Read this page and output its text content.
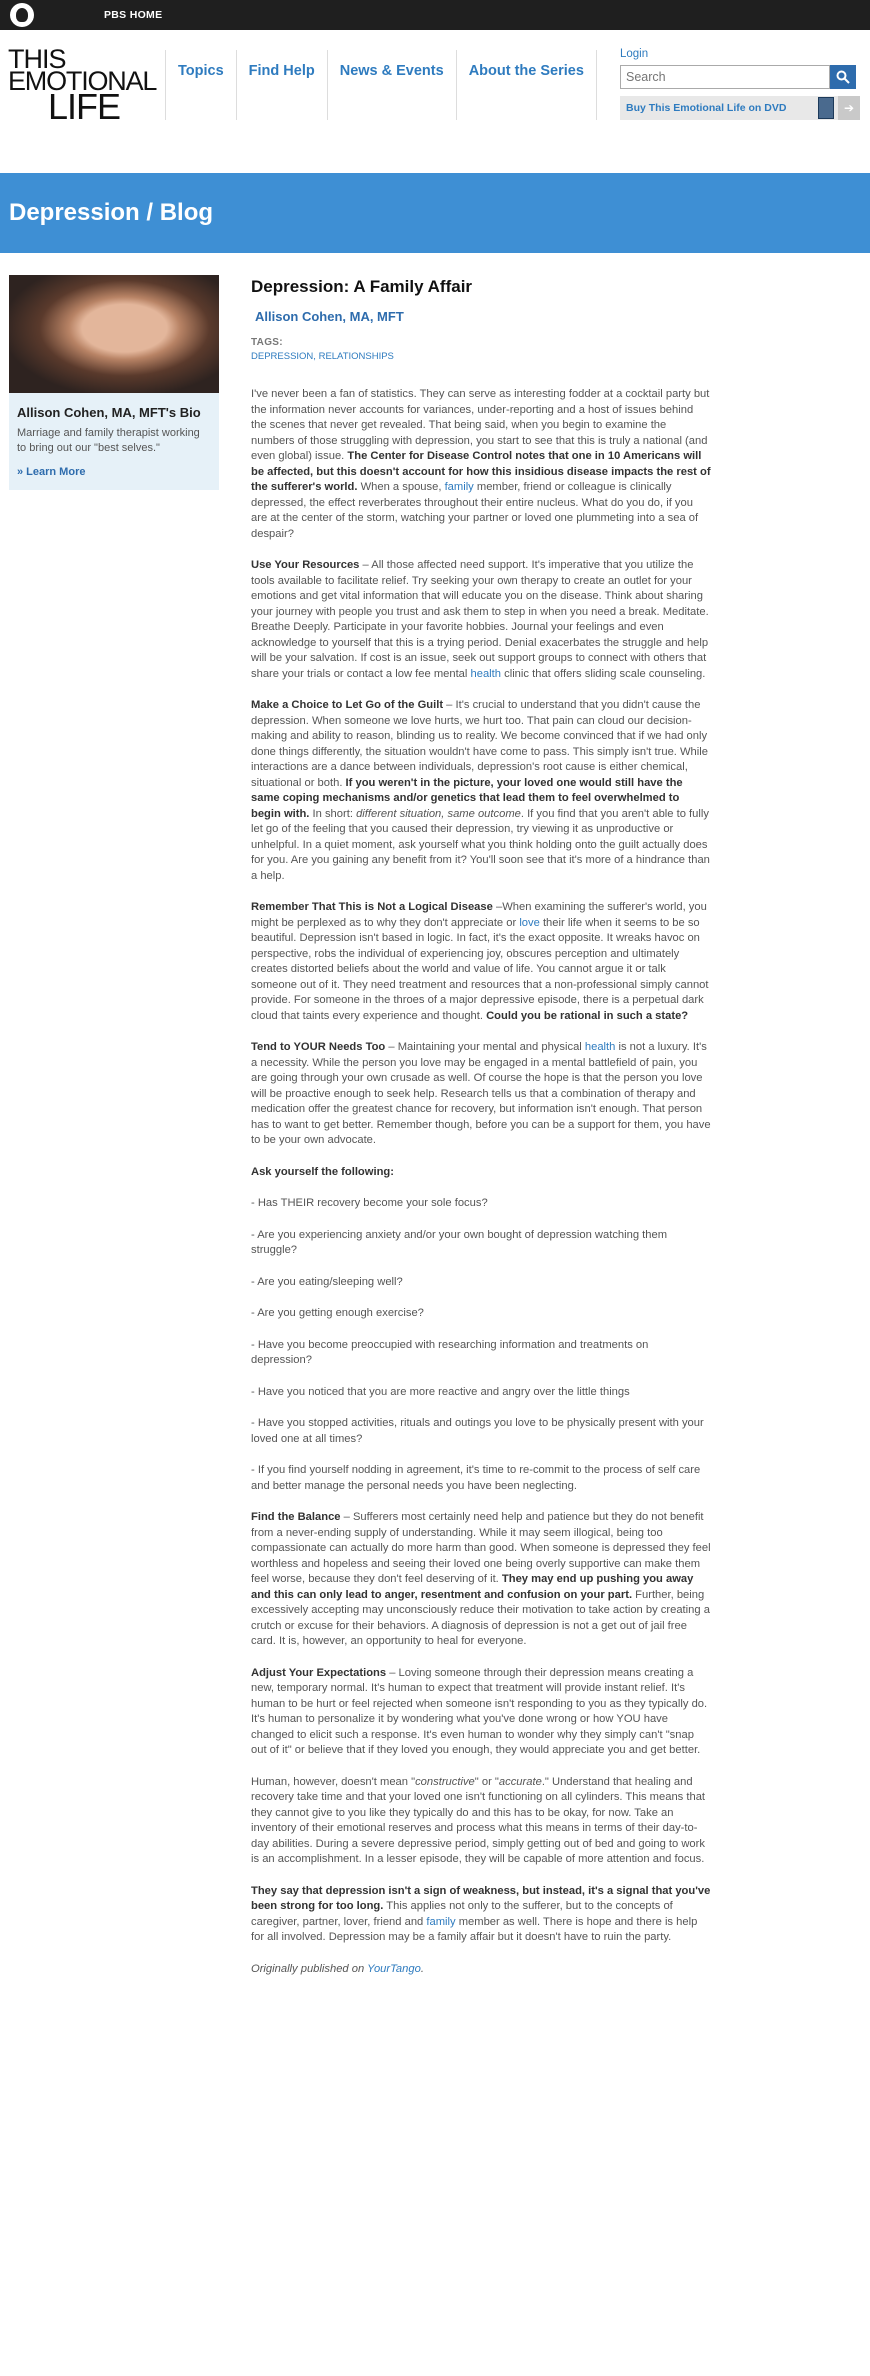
PBS HOME
THIS
EMOTIONAL
LIFE
Topics	Find Help	News & Events	About the Series
Login
Search
Buy This Emotional Life on DVD	➔
Depression / Blog
Allison Cohen, MA, MFT's Bio
Marriage and family therapist working to bring out our "best selves."
» Learn More
Depression: A Family Affair
Allison Cohen, MA, MFT
TAGS:
DEPRESSION, RELATIONSHIPS

I've never been a fan of statistics. They can serve as interesting fodder at a cocktail party but the information never accounts for variances, under-reporting and a host of issues behind the scenes that never get revealed. That being said, when you begin to examine the numbers of those struggling with depression, you start to see that this is truly a national (and even global) issue. The Center for Disease Control notes that one in 10 Americans will be affected, but this doesn't account for how this insidious disease impacts the rest of the sufferer's world. When a spouse, family member, friend or colleague is clinically depressed, the effect reverberates throughout their entire nucleus. What do you do, if you are at the center of the storm, watching your partner or loved one plummeting into a sea of despair?

Use Your Resources – All those affected need support. It's imperative that you utilize the tools available to facilitate relief. Try seeking your own therapy to create an outlet for your emotions and get vital information that will educate you on the disease. Think about sharing your journey with people you trust and ask them to step in when you need a break. Meditate. Breathe Deeply. Participate in your favorite hobbies. Journal your feelings and even acknowledge to yourself that this is a trying period. Denial exacerbates the struggle and help will be your salvation. If cost is an issue, seek out support groups to connect with others that share your trials or contact a low fee mental health clinic that offers sliding scale counseling.

Make a Choice to Let Go of the Guilt – It's crucial to understand that you didn't cause the depression. When someone we love hurts, we hurt too. That pain can cloud our decision-making and ability to reason, blinding us to reality. We become convinced that if we had only done things differently, the situation wouldn't have come to pass. This simply isn't true. While interactions are a dance between individuals, depression's root cause is either chemical, situational or both. If you weren't in the picture, your loved one would still have the same coping mechanisms and/or genetics that lead them to feel overwhelmed to begin with. In short: different situation, same outcome. If you find that you aren't able to fully let go of the feeling that you caused their depression, try viewing it as unproductive or unhelpful. In a quiet moment, ask yourself what you think holding onto the guilt actually does for you. Are you gaining any benefit from it? You'll soon see that it's more of a hindrance than a help.

Remember That This is Not a Logical Disease –When examining the sufferer's world, you might be perplexed as to why they don't appreciate or love their life when it seems to be so beautiful. Depression isn't based in logic. In fact, it's the exact opposite. It wreaks havoc on perspective, robs the individual of experiencing joy, obscures perception and ultimately creates distorted beliefs about the world and value of life. You cannot argue it or talk someone out of it. They need treatment and resources that a non-professional simply cannot provide. For someone in the throes of a major depressive episode, there is a perpetual dark cloud that taints every experience and thought. Could you be rational in such a state?

Tend to YOUR Needs Too – Maintaining your mental and physical health is not a luxury. It's a necessity. While the person you love may be engaged in a mental battlefield of pain, you are going through your own crusade as well. Of course the hope is that the person you love will be proactive enough to seek help. Research tells us that a combination of therapy and medication offer the greatest chance for recovery, but information isn't enough. That person has to want to get better. Remember though, before you can be a support for them, you have to be your own advocate.

Ask yourself the following:

- Has THEIR recovery become your sole focus?

- Are you experiencing anxiety and/or your own bought of depression watching them struggle?

- Are you eating/sleeping well?

- Are you getting enough exercise?

- Have you become preoccupied with researching information and treatments on depression?

- Have you noticed that you are more reactive and angry over the little things

- Have you stopped activities, rituals and outings you love to be physically present with your loved one at all times?

- If you find yourself nodding in agreement, it's time to re-commit to the process of self care and better manage the personal needs you have been neglecting.

Find the Balance – Sufferers most certainly need help and patience but they do not benefit from a never-ending supply of understanding. While it may seem illogical, being too compassionate can actually do more harm than good. When someone is depressed they feel worthless and hopeless and seeing their loved one being overly supportive can make them feel worse, because they don't feel deserving of it. They may end up pushing you away and this can only lead to anger, resentment and confusion on your part. Further, being excessively accepting may unconsciously reduce their motivation to take action by creating a crutch or excuse for their behaviors. A diagnosis of depression is not a get out of jail free card. It is, however, an opportunity to heal for everyone.

Adjust Your Expectations – Loving someone through their depression means creating a new, temporary normal. It's human to expect that treatment will provide instant relief. It's human to be hurt or feel rejected when someone isn't responding to you as they typically do. It's human to personalize it by wondering what you've done wrong or how YOU have changed to elicit such a response. It's even human to wonder why they simply can't "snap out of it" or believe that if they loved you enough, they would appreciate you and get better.

Human, however, doesn't mean "constructive" or "accurate." Understand that healing and recovery take time and that your loved one isn't functioning on all cylinders. This means that they cannot give to you like they typically do and this has to be okay, for now. Take an inventory of their emotional reserves and process what this means in terms of their day-to-day abilities. During a severe depressive period, simply getting out of bed and going to work is an accomplishment. In a lesser episode, they will be capable of more attention and focus.

They say that depression isn't a sign of weakness, but instead, it's a signal that you've been strong for too long. This applies not only to the sufferer, but to the concepts of caregiver, partner, lover, friend and family member as well. There is hope and there is help for all involved. Depression may be a family affair but it doesn't have to ruin the party.

Originally published on YourTango.
